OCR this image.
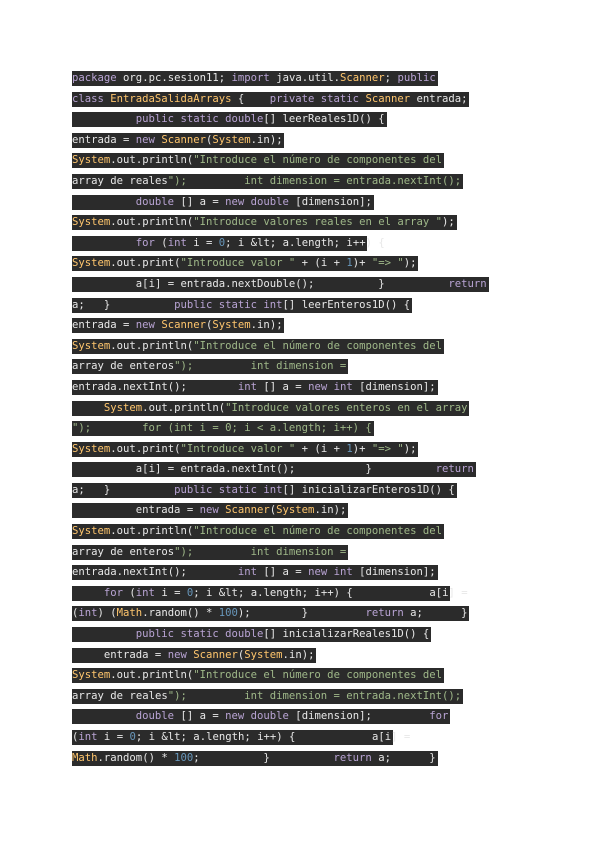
package org.pc.sesion11; import java.util.Scanner; public
class EntradaSalidaArrays {    private static Scanner entrada;
public static double[] leerReales1D() {
entrada = new Scanner(System.in);
System.out.println("Introduce el número de componentes del
array de reales");         int dimension = entrada.nextInt();
double [] a = new double [dimension];
System.out.println("Introduce valores reales en el array ");
for (int i = 0; i &lt; a.length; i++) {
System.out.print("Introduce valor " + (i + 1)+ "=> ");
a[i] = entrada.nextDouble();          }          return
a;   }          public static int[] leerEnteros1D() {
entrada = new Scanner(System.in);
System.out.println("Introduce el número de componentes del
array de enteros");         int dimension =
entrada.nextInt();        int [] a = new int [dimension];
System.out.println("Introduce valores enteros en el array
");        for (int i = 0; i < a.length; i++) {
System.out.print("Introduce valor " + (i + 1)+ "=> ");
a[i] = entrada.nextInt();           }          return
a;   }          public static int[] inicializarEnteros1D() {
entrada = new Scanner(System.in);
System.out.println("Introduce el número de componentes del
array de enteros");         int dimension =
entrada.nextInt();        int [] a = new int [dimension];
for (int i = 0; i &lt; a.length; i++) {            a[i] =
(int) (Math.random() * 100);        }         return a;      }
public static double[] inicializarReales1D() {
entrada = new Scanner(System.in);
System.out.println("Introduce el número de componentes del
array de reales");         int dimension = entrada.nextInt();
double [] a = new double [dimension];         for
(int i = 0; i &lt; a.length; i++) {            a[i] =
Math.random() * 100;          }          return a;      }
